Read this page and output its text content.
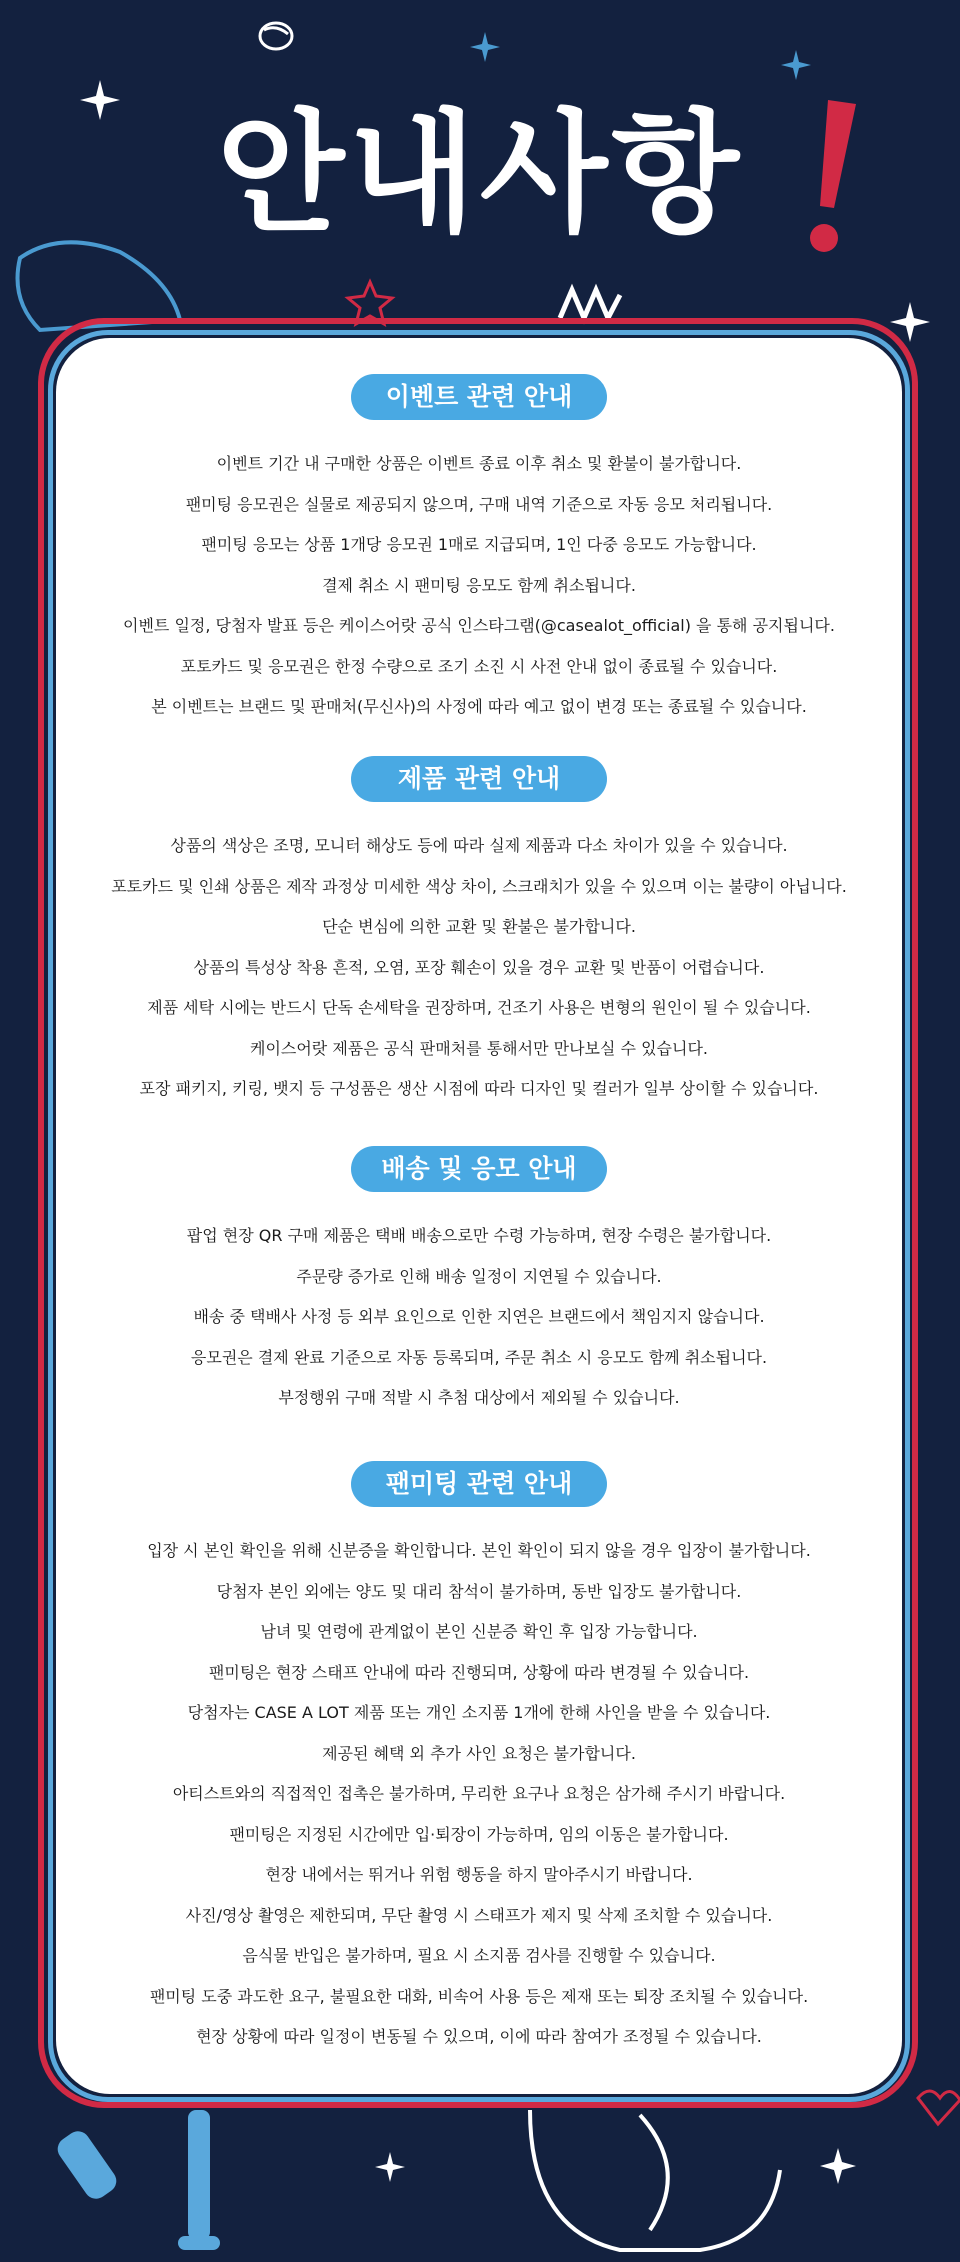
안내사항
이벤트 관련 안내
이벤트 기간 내 구매한 상품은 이벤트 종료 이후 취소 및 환불이 불가합니다.
팬미팅 응모권은 실물로 제공되지 않으며, 구매 내역 기준으로 자동 응모 처리됩니다.
팬미팅 응모는 상품 1개당 응모권 1매로 지급되며, 1인 다중 응모도 가능합니다.
결제 취소 시 팬미팅 응모도 함께 취소됩니다.
이벤트 일정, 당첨자 발표 등은 케이스어랏 공식 인스타그램(@casealot_official) 을 통해 공지됩니다.
포토카드 및 응모권은 한정 수량으로 조기 소진 시 사전 안내 없이 종료될 수 있습니다.
본 이벤트는 브랜드 및 판매처(무신사)의 사정에 따라 예고 없이 변경 또는 종료될 수 있습니다.
제품 관련 안내
상품의 색상은 조명, 모니터 해상도 등에 따라 실제 제품과 다소 차이가 있을 수 있습니다.
포토카드 및 인쇄 상품은 제작 과정상 미세한 색상 차이, 스크래치가 있을 수 있으며 이는 불량이 아닙니다.
단순 변심에 의한 교환 및 환불은 불가합니다.
상품의 특성상 착용 흔적, 오염, 포장 훼손이 있을 경우 교환 및 반품이 어렵습니다.
제품 세탁 시에는 반드시 단독 손세탁을 권장하며, 건조기 사용은 변형의 원인이 될 수 있습니다.
케이스어랏 제품은 공식 판매처를 통해서만 만나보실 수 있습니다.
포장 패키지, 키링, 뱃지 등 구성품은 생산 시점에 따라 디자인 및 컬러가 일부 상이할 수 있습니다.
배송 및 응모 안내
팝업 현장 QR 구매 제품은 택배 배송으로만 수령 가능하며, 현장 수령은 불가합니다.
주문량 증가로 인해 배송 일정이 지연될 수 있습니다.
배송 중 택배사 사정 등 외부 요인으로 인한 지연은 브랜드에서 책임지지 않습니다.
응모권은 결제 완료 기준으로 자동 등록되며, 주문 취소 시 응모도 함께 취소됩니다.
부정행위 구매 적발 시 추첨 대상에서 제외될 수 있습니다.
팬미팅 관련 안내
입장 시 본인 확인을 위해 신분증을 확인합니다. 본인 확인이 되지 않을 경우 입장이 불가합니다.
당첨자 본인 외에는 양도 및 대리 참석이 불가하며, 동반 입장도 불가합니다.
남녀 및 연령에 관계없이 본인 신분증 확인 후 입장 가능합니다.
팬미팅은 현장 스태프 안내에 따라 진행되며, 상황에 따라 변경될 수 있습니다.
당첨자는 CASE A LOT 제품 또는 개인 소지품 1개에 한해 사인을 받을 수 있습니다.
제공된 혜택 외 추가 사인 요청은 불가합니다.
아티스트와의 직접적인 접촉은 불가하며, 무리한 요구나 요청은 삼가해 주시기 바랍니다.
팬미팅은 지정된 시간에만 입·퇴장이 가능하며, 임의 이동은 불가합니다.
현장 내에서는 뛰거나 위험 행동을 하지 말아주시기 바랍니다.
사진/영상 촬영은 제한되며, 무단 촬영 시 스태프가 제지 및 삭제 조치할 수 있습니다.
음식물 반입은 불가하며, 필요 시 소지품 검사를 진행할 수 있습니다.
팬미팅 도중 과도한 요구, 불필요한 대화, 비속어 사용 등은 제재 또는 퇴장 조치될 수 있습니다.
현장 상황에 따라 일정이 변동될 수 있으며, 이에 따라 참여가 조정될 수 있습니다.
